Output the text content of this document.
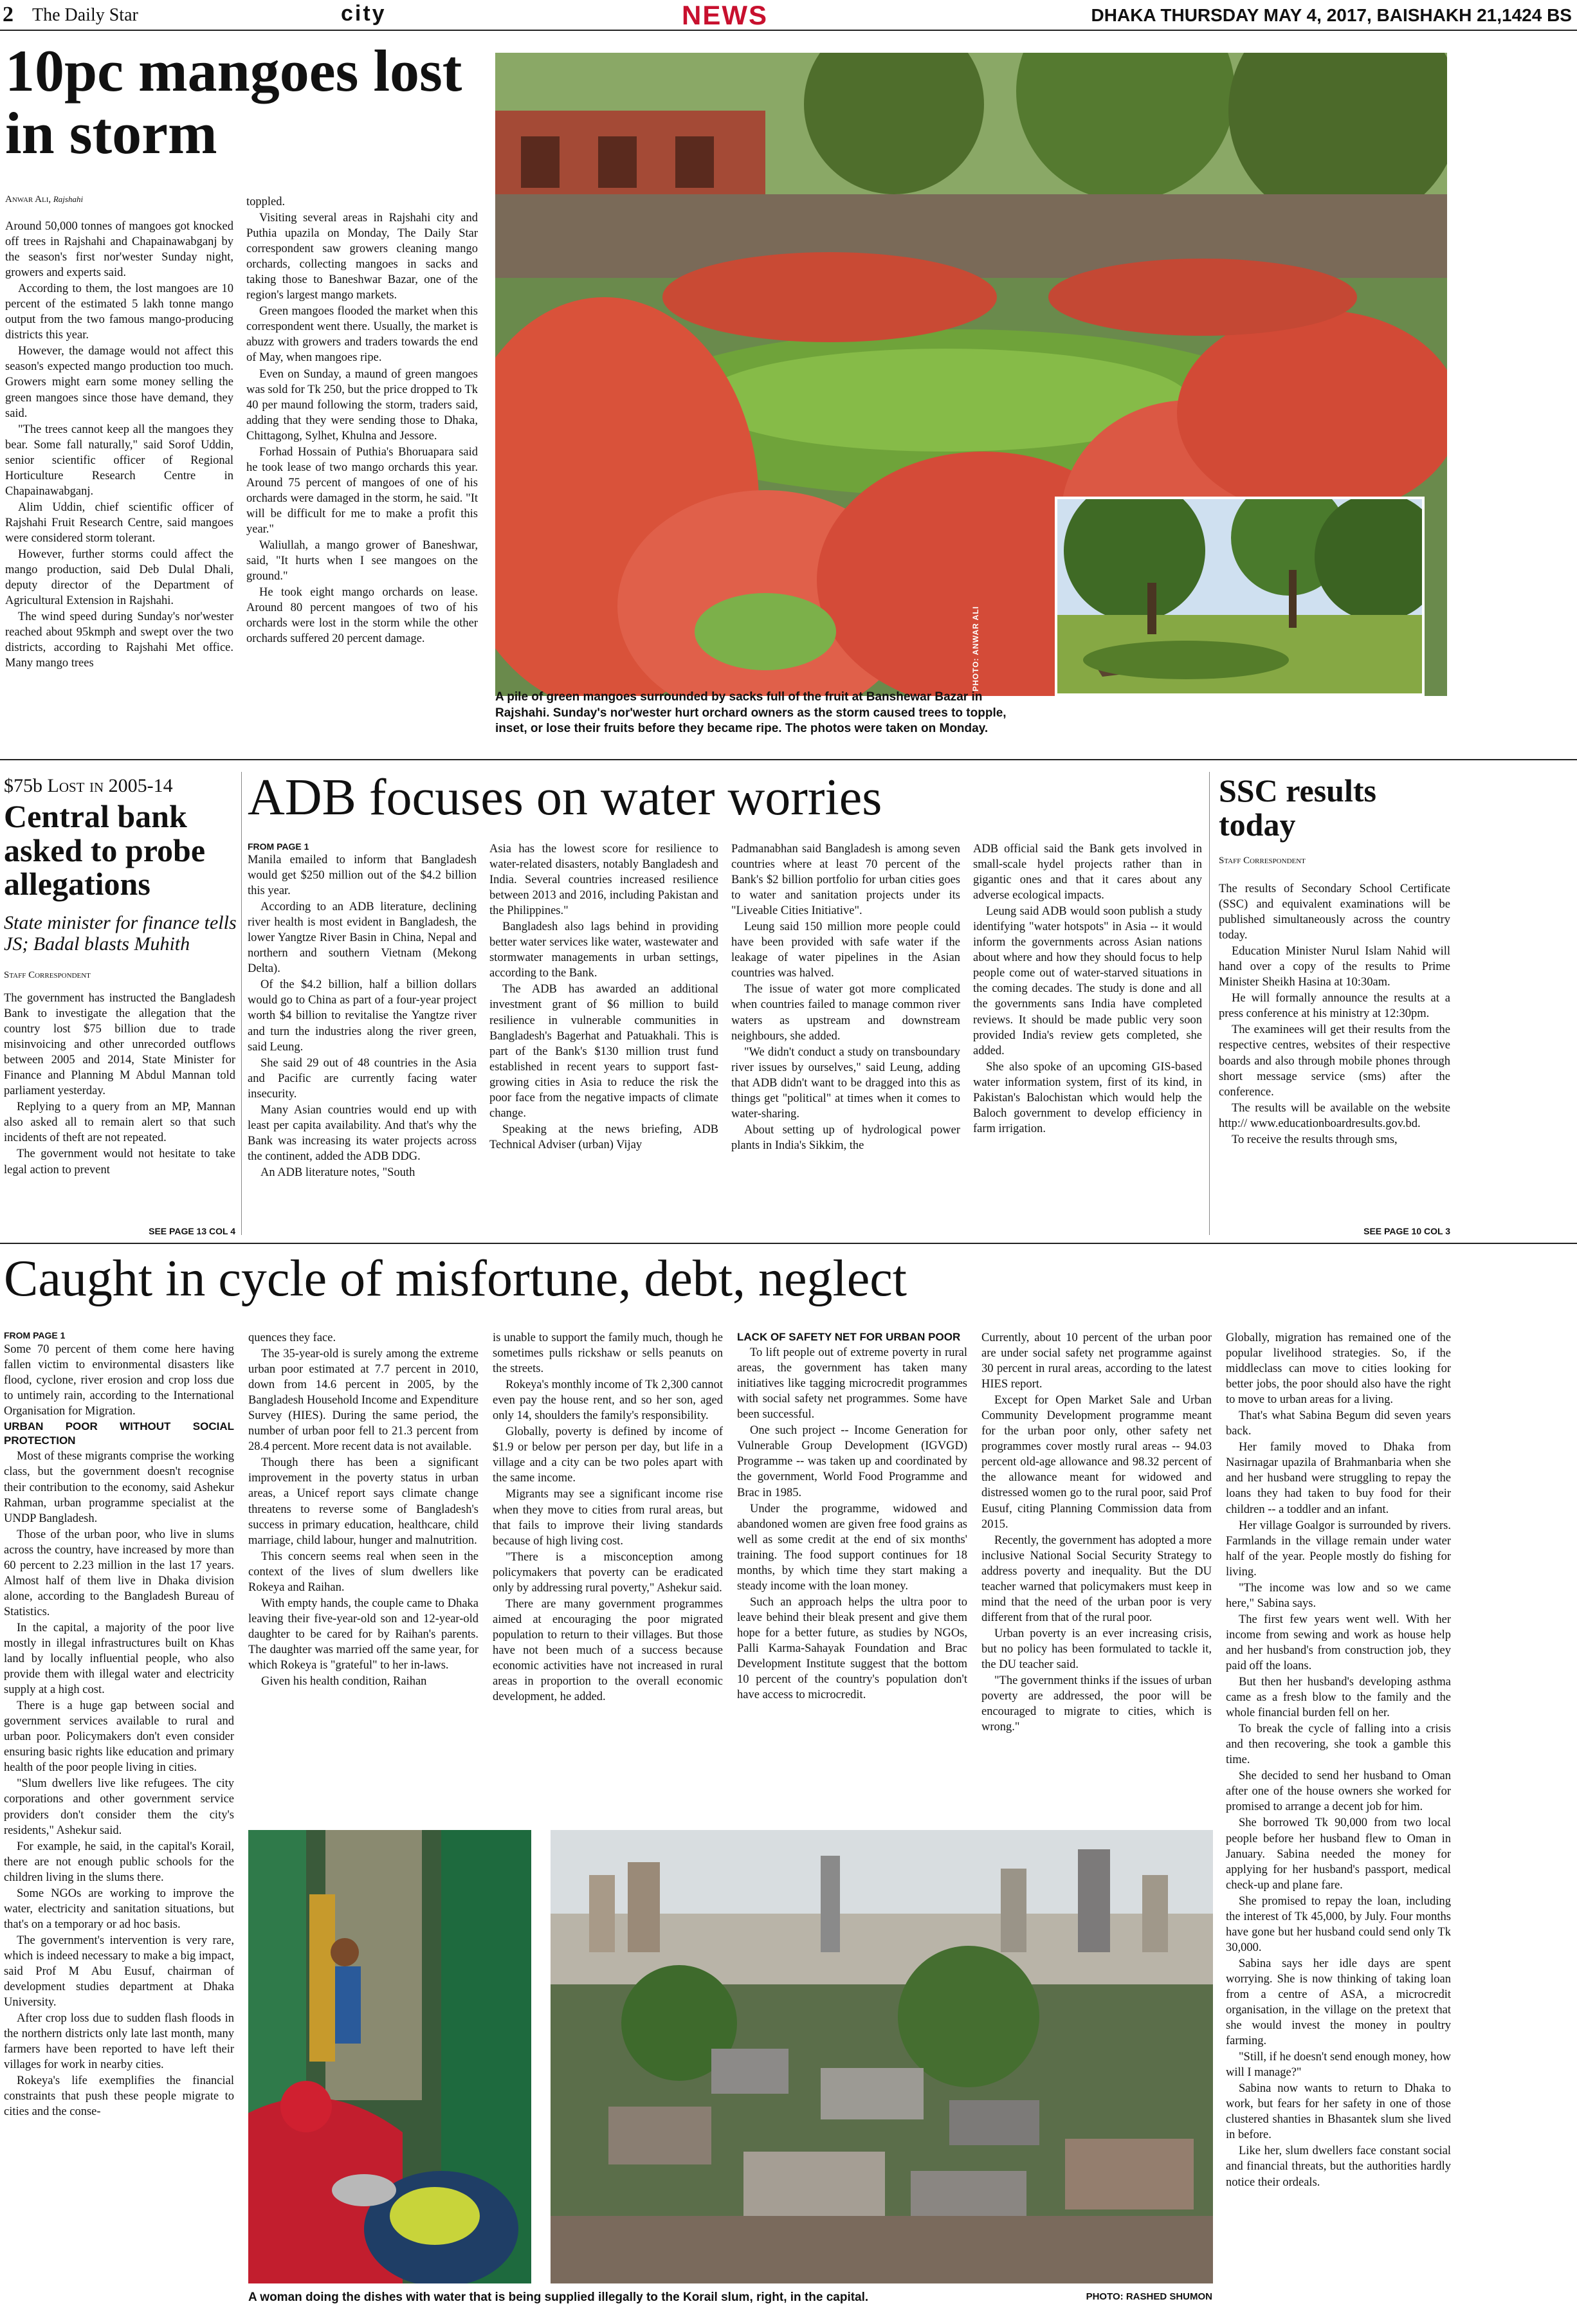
2 The Daily Star	city	NEWS	DHAKA THURSDAY MAY 4, 2017, BAISHAKH 21,1424 BS
10pc mangoes lost in storm
Anwar Ali, Rajshahi

Around 50,000 tonnes of mangoes got knocked off trees in Rajshahi and Chapainawabganj by the season's first nor'wester Sunday night, growers and experts said.

According to them, the lost mangoes are 10 percent of the estimated 5 lakh tonne mango output from the two famous mango-producing districts this year.

However, the damage would not affect this season's expected mango production too much. Growers might earn some money selling the green mangoes since those have demand, they said.

"The trees cannot keep all the mangoes they bear. Some fall naturally," said Sorof Uddin, senior scientific officer of Regional Horticulture Research Centre in Chapainawabganj.

Alim Uddin, chief scientific officer of Rajshahi Fruit Research Centre, said mangoes were considered storm tolerant.

However, further storms could affect the mango production, said Deb Dulal Dhali, deputy director of the Department of Agricultural Extension in Rajshahi.

The wind speed during Sunday's nor'wester reached about 95kmph and swept over the two districts, according to Rajshahi Met office. Many mango trees

toppled.

Visiting several areas in Rajshahi city and Puthia upazila on Monday, The Daily Star correspondent saw growers cleaning mango orchards, collecting mangoes in sacks and taking those to Baneshwar Bazar, one of the region's largest mango markets.

Green mangoes flooded the market when this correspondent went there. Usually, the market is abuzz with growers and traders towards the end of May, when mangoes ripe.

Even on Sunday, a maund of green mangoes was sold for Tk 250, but the price dropped to Tk 40 per maund following the storm, traders said, adding that they were sending those to Dhaka, Chittagong, Sylhet, Khulna and Jessore.

Forhad Hossain of Puthia's Bhoruapara said he took lease of two mango orchards this year. Around 75 percent of mangoes of one of his orchards were damaged in the storm, he said. "It will be difficult for me to make a profit this year."

Waliullah, a mango grower of Baneshwar, said, "It hurts when I see mangoes on the ground."

He took eight mango orchards on lease. Around 80 percent mangoes of two of his orchards were lost in the storm while the other orchards suffered 20 percent damage.	PHOTO: ANWAR ALI
A pile of green mangoes surrounded by sacks full of the fruit at Banshewar Bazar in Rajshahi. Sunday's nor'wester hurt orchard owners as the storm caused trees to topple, inset, or lose their fruits before they became ripe. The photos were taken on Monday.
$75b Lost in 2005-14
Central bank asked to probe allegations
State minister for finance tells JS; Badal blasts Muhith
Staff Correspondent

The government has instructed the Bangladesh Bank to investigate the allegation that the country lost $75 billion due to trade misinvoicing and other unrecorded outflows between 2005 and 2014, State Minister for Finance and Planning M Abdul Mannan told parliament yesterday.

Replying to a query from an MP, Mannan also asked all to remain alert so that such incidents of theft are not repeated.

The government would not hesitate to take legal action to prevent

SEE PAGE 13 COL 4
ADB focuses on water worries
FROM PAGE 1

Manila emailed to inform that Bangladesh would get $250 million out of the $4.2 billion this year.

According to an ADB literature, declining river health is most evident in Bangladesh, the lower Yangtze River Basin in China, Nepal and northern and southern Vietnam (Mekong Delta).

Of the $4.2 billion, half a billion dollars would go to China as part of a four-year project worth $4 billion to revitalise the Yangtze river and turn the industries along the river green, said Leung.

She said 29 out of 48 countries in the Asia and Pacific are currently facing water insecurity.

Many Asian countries would end up with least per capita availability. And that's why the Bank was increasing its water projects across the continent, added the ADB DDG.

An ADB literature notes, "South

Asia has the lowest score for resilience to water-related disasters, notably Bangladesh and India. Several countries increased resilience between 2013 and 2016, including Pakistan and the Philippines."

Bangladesh also lags behind in providing better water services like water, wastewater and stormwater managements in urban settings, according to the Bank.

The ADB has awarded an additional investment grant of $6 million to build resilience in vulnerable communities in Bangladesh's Bagerhat and Patuakhali. This is part of the Bank's $130 million trust fund established in recent years to support fast-growing cities in Asia to reduce the risk the poor face from the negative impacts of climate change.

Speaking at the news briefing, ADB Technical Adviser (urban) Vijay

Padmanabhan said Bangladesh is among seven countries where at least 70 percent of the Bank's $2 billion portfolio for urban cities goes to water and sanitation projects under its "Liveable Cities Initiative".

Leung said 150 million more people could have been provided with safe water if the leakage of water pipelines in the Asian countries was halved.

The issue of water got more complicated when countries failed to manage common river waters as upstream and downstream neighbours, she added.

"We didn't conduct a study on transboundary river issues by ourselves," said Leung, adding that ADB didn't want to be dragged into this as things get "political" at times when it comes to water-sharing.

About setting up of hydrological power plants in India's Sikkim, the

ADB official said the Bank gets involved in small-scale hydel projects rather than in gigantic ones and that it cares about any adverse ecological impacts.

Leung said ADB would soon publish a study identifying "water hotspots" in Asia -- it would inform the governments across Asian nations about where and how they should focus to help people come out of water-starved situations in the coming decades. The study is done and all the governments sans India have completed reviews. It should be made public very soon provided India's review gets completed, she added.

She also spoke of an upcoming GIS-based water information system, first of its kind, in Pakistan's Balochistan which would help the Baloch government to develop efficiency in farm irrigation.

SSC results today
Staff Correspondent

The results of Secondary School Certificate (SSC) and equivalent examinations will be published simultaneously across the country today.

Education Minister Nurul Islam Nahid will hand over a copy of the results to Prime Minister Sheikh Hasina at 10:30am.

He will formally announce the results at a press conference at his ministry at 12:30pm.

The examinees will get their results from the respective centres, websites of their respective boards and also through mobile phones through short message service (sms) after the conference.

The results will be available on the website http:// www.educationboardresults.gov.bd.

To receive the results through sms,

SEE PAGE 10 COL 3
Caught in cycle of misfortune, debt, neglect
FROM PAGE 1

Some 70 percent of them come here having fallen victim to environmental disasters like flood, cyclone, river erosion and crop loss due to untimely rain, according to the International Organisation for Migration.

URBAN POOR WITHOUT SOCIAL PROTECTION

Most of these migrants comprise the working class, but the government doesn't recognise their contribution to the economy, said Ashekur Rahman, urban programme specialist at the UNDP Bangladesh.

Those of the urban poor, who live in slums across the country, have increased by more than 60 percent to 2.23 million in the last 17 years. Almost half of them live in Dhaka division alone, according to the Bangladesh Bureau of Statistics.

In the capital, a majority of the poor live mostly in illegal infrastructures built on Khas land by locally influential people, who also provide them with illegal water and electricity supply at a high cost.

There is a huge gap between social and government services available to rural and urban poor. Policymakers don't even consider ensuring basic rights like education and primary health of the poor people living in cities.

"Slum dwellers live like refugees. The city corporations and other government service providers don't consider them the city's residents," Ashekur said.

For example, he said, in the capital's Korail, there are not enough public schools for the children living in the slums there.

Some NGOs are working to improve the water, electricity and sanitation situations, but that's on a temporary or ad hoc basis.

The government's intervention is very rare, which is indeed necessary to make a big impact, said Prof M Abu Eusuf, chairman of development studies department at Dhaka University.

After crop loss due to sudden flash floods in the northern districts only late last month, many farmers have been reported to have left their villages for work in nearby cities.

Rokeya's life exemplifies the financial constraints that push these people migrate to cities and the conse-

quences they face.

The 35-year-old is surely among the extreme urban poor estimated at 7.7 percent in 2010, down from 14.6 percent in 2005, by the Bangladesh Household Income and Expenditure Survey (HIES). During the same period, the number of urban poor fell to 21.3 percent from 28.4 percent. More recent data is not available.

Though there has been a significant improvement in the poverty status in urban areas, a Unicef report says climate change threatens to reverse some of Bangladesh's success in primary education, healthcare, child marriage, child labour, hunger and malnutrition.

This concern seems real when seen in the context of the lives of slum dwellers like Rokeya and Raihan.

With empty hands, the couple came to Dhaka leaving their five-year-old son and 12-year-old daughter to be cared for by Raihan's parents. The daughter was married off the same year, for which Rokeya is "grateful" to her in-laws.

Given his health condition, Raihan

is unable to support the family much, though he sometimes pulls rickshaw or sells peanuts on the streets.

Rokeya's monthly income of Tk 2,300 cannot even pay the house rent, and so her son, aged only 14, shoulders the family's responsibility.

Globally, poverty is defined by income of $1.9 or below per person per day, but life in a village and a city can be two poles apart with the same income.

Migrants may see a significant income rise when they move to cities from rural areas, but that fails to improve their living standards because of high living cost.

"There is a misconception among policymakers that poverty can be eradicated only by addressing rural poverty," Ashekur said.

There are many government programmes aimed at encouraging the poor migrated population to return to their villages. But those have not been much of a success because economic activities have not increased in rural areas in proportion to the overall economic development, he added.

LACK OF SAFETY NET FOR URBAN POOR

To lift people out of extreme poverty in rural areas, the government has taken many initiatives like tagging microcredit programmes with social safety net programmes. Some have been successful.

One such project -- Income Generation for Vulnerable Group Development (IGVGD) Programme -- was taken up and coordinated by the government, World Food Programme and Brac in 1985.

Under the programme, widowed and abandoned women are given free food grains as well as some credit at the end of six months' training. The food support continues for 18 months, by which time they start making a steady income with the loan money.

Such an approach helps the ultra poor to leave behind their bleak present and give them hope for a better future, as studies by NGOs, Palli Karma-Sahayak Foundation and Brac Development Institute suggest that the bottom 10 percent of the country's population don't have access to microcredit.

Currently, about 10 percent of the urban poor are under social safety net programme against 30 percent in rural areas, according to the latest HIES report.

Except for Open Market Sale and Urban Community Development programme meant for the urban poor only, other safety net programmes cover mostly rural areas -- 94.03 percent old-age allowance and 98.32 percent of the allowance meant for widowed and distressed women go to the rural poor, said Prof Eusuf, citing Planning Commission data from 2015.

Recently, the government has adopted a more inclusive National Social Security Strategy to address poverty and inequality. But the DU teacher warned that policymakers must keep in mind that the need of the urban poor is very different from that of the rural poor.

Urban poverty is an ever increasing crisis, but no policy has been formulated to tackle it, the DU teacher said.

"The government thinks if the issues of urban poverty are addressed, the poor will be encouraged to migrate to cities, which is wrong."

Globally, migration has remained one of the popular livelihood strategies. So, if the middleclass can move to cities looking for better jobs, the poor should also have the right to move to urban areas for a living.

That's what Sabina Begum did seven years back.

Her family moved to Dhaka from Nasirnagar upazila of Brahmanbaria when she and her husband were struggling to repay the loans they had taken to buy food for their children -- a toddler and an infant.

Her village Goalgor is surrounded by rivers. Farmlands in the village remain under water half of the year. People mostly do fishing for living.

"The income was low and so we came here," Sabina says.

The first few years went well. With her income from sewing and work as house help and her husband's from construction job, they paid off the loans.

But then her husband's developing asthma came as a fresh blow to the family and the whole financial burden fell on her.

To break the cycle of falling into a crisis and then recovering, she took a gamble this time.

She decided to send her husband to Oman after one of the house owners she worked for promised to arrange a decent job for him.

She borrowed Tk 90,000 from two local people before her husband flew to Oman in January. Sabina needed the money for applying for her husband's passport, medical check-up and plane fare.

She promised to repay the loan, including the interest of Tk 45,000, by July. Four months have gone but her husband could send only Tk 30,000.

Sabina says her idle days are spent worrying. She is now thinking of taking loan from a centre of ASA, a microcredit organisation, in the village on the pretext that she would invest the money in poultry farming.

"Still, if he doesn't send enough money, how will I manage?"

Sabina now wants to return to Dhaka to work, but fears for her safety in one of those clustered shanties in Bhasantek slum she lived in before.

Like her, slum dwellers face constant social and financial threats, but the authorities hardly notice their ordeals.

A woman doing the dishes with water that is being supplied illegally to the Korail slum, right, in the capital.	PHOTO: RASHED SHUMON
